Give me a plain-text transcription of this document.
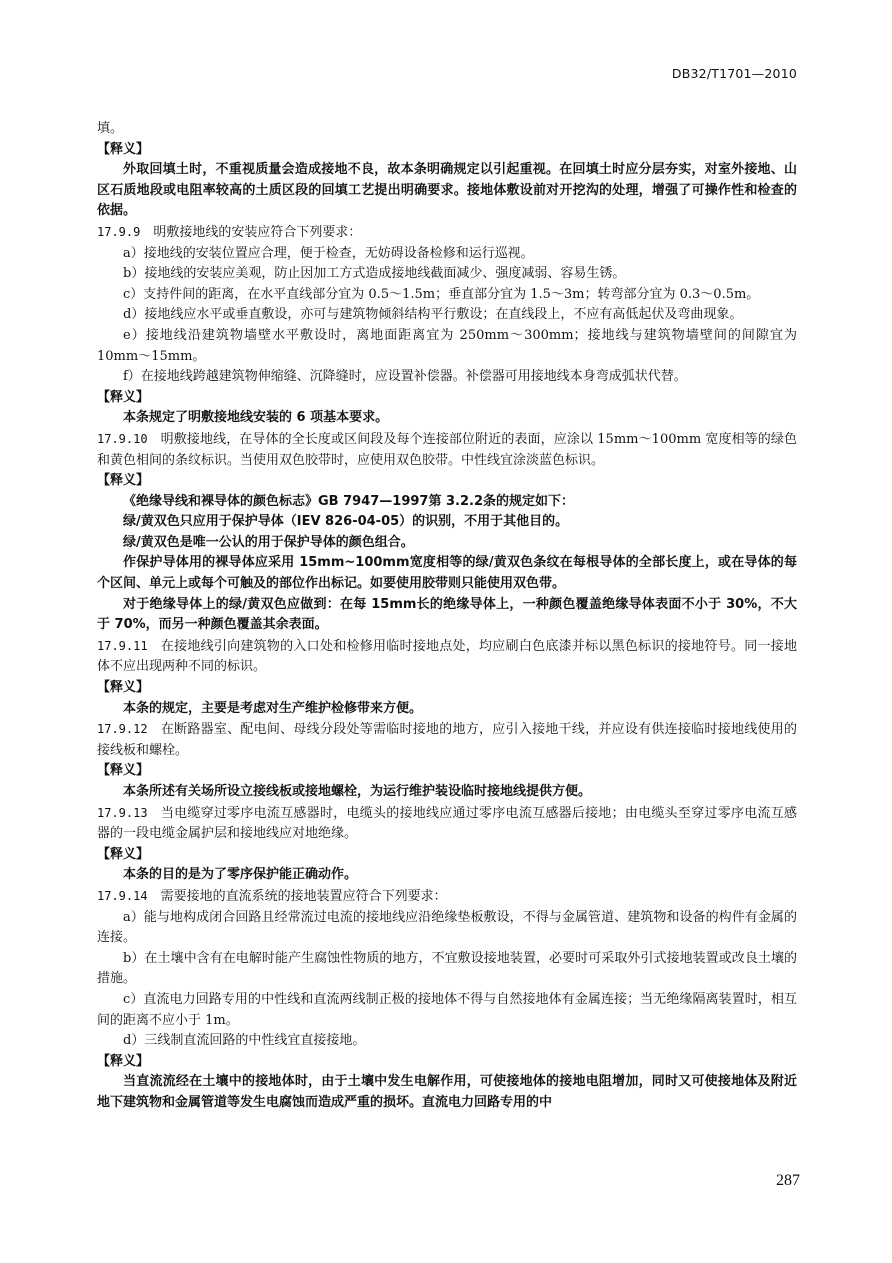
DB32/T1701—2010
填。
【释义】
外取回填土时，不重视质量会造成接地不良，故本条明确规定以引起重视。在回填土时应分层夯实，对室外接地、山区石质地段或电阻率较高的土质区段的回填工艺提出明确要求。接地体敷设前对开挖沟的处理，增强了可操作性和检查的依据。
17.9.9  明敷接地线的安装应符合下列要求：
a）接地线的安装位置应合理，便于检查，无妨碍设备检修和运行巡视。
b）接地线的安装应美观，防止因加工方式造成接地线截面减少、强度减弱、容易生锈。
c）支持件间的距离，在水平直线部分宜为 0.5～1.5m；垂直部分宜为 1.5～3m；转弯部分宜为 0.3～0.5m。
d）接地线应水平或垂直敷设，亦可与建筑物倾斜结构平行敷设；在直线段上，不应有高低起伏及弯曲现象。
e）接地线沿建筑物墙壁水平敷设时，离地面距离宜为 250mm～300mm；接地线与建筑物墙壁间的间隙宜为 10mm～15mm。
f）在接地线跨越建筑物伸缩缝、沉降缝时，应设置补偿器。补偿器可用接地线本身弯成弧状代替。
【释义】
本条规定了明敷接地线安装的 6 项基本要求。
17.9.10  明敷接地线，在导体的全长度或区间段及每个连接部位附近的表面，应涂以 15mm～100mm 宽度相等的绿色和黄色相间的条纹标识。当使用双色胶带时，应使用双色胶带。中性线宜涂淡蓝色标识。
【释义】
《绝缘导线和裸导体的颜色标志》GB 7947—1997第 3.2.2条的规定如下：
绿/黄双色只应用于保护导体（IEV 826-04-05）的识别，不用于其他目的。
绿/黄双色是唯一公认的用于保护导体的颜色组合。
作保护导体用的裸导体应采用 15mm~100mm宽度相等的绿/黄双色条纹在每根导体的全部长度上，或在导体的每个区间、单元上或每个可触及的部位作出标记。如要使用胶带则只能使用双色带。
对于绝缘导体上的绿/黄双色应做到：在每 15mm长的绝缘导体上，一种颜色覆盖绝缘导体表面不小于 30%，不大于 70%，而另一种颜色覆盖其余表面。
17.9.11  在接地线引向建筑物的入口处和检修用临时接地点处，均应刷白色底漆并标以黑色标识的接地符号。同一接地体不应出现两种不同的标识。
【释义】
本条的规定，主要是考虑对生产维护检修带来方便。
17.9.12  在断路器室、配电间、母线分段处等需临时接地的地方，应引入接地干线，并应设有供连接临时接地线使用的接线板和螺栓。
【释义】
本条所述有关场所设立接线板或接地螺栓，为运行维护装设临时接地线提供方便。
17.9.13  当电缆穿过零序电流互感器时，电缆头的接地线应通过零序电流互感器后接地；由电缆头至穿过零序电流互感器的一段电缆金属护层和接地线应对地绝缘。
【释义】
本条的目的是为了零序保护能正确动作。
17.9.14  需要接地的直流系统的接地装置应符合下列要求：
a）能与地构成闭合回路且经常流过电流的接地线应沿绝缘垫板敷设，不得与金属管道、建筑物和设备的构件有金属的连接。
b）在土壤中含有在电解时能产生腐蚀性物质的地方，不宜敷设接地装置，必要时可采取外引式接地装置或改良土壤的措施。
c）直流电力回路专用的中性线和直流两线制正极的接地体不得与自然接地体有金属连接；当无绝缘隔离装置时，相互间的距离不应小于 1m。
d）三线制直流回路的中性线宜直接接地。
【释义】
当直流流经在土壤中的接地体时，由于土壤中发生电解作用，可使接地体的接地电阻增加，同时又可使接地体及附近地下建筑物和金属管道等发生电腐蚀而造成严重的损坏。直流电力回路专用的中
287
